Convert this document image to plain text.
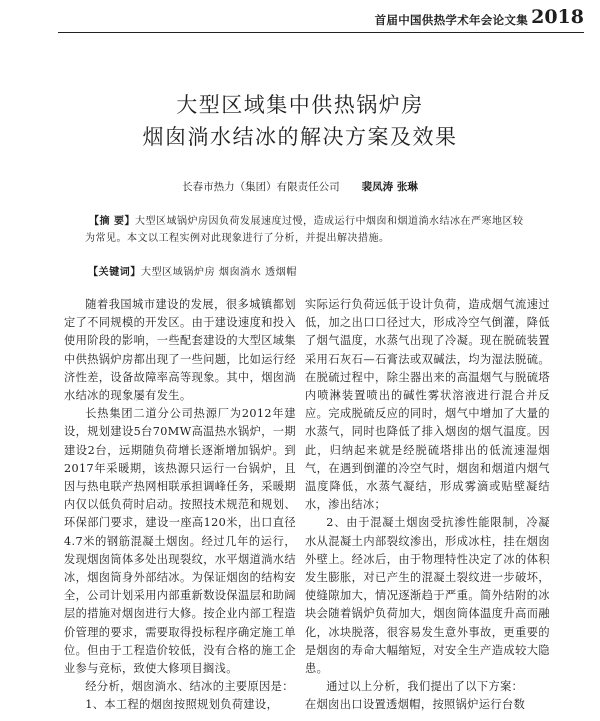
首届中国供热学术年会论文集 2018
大型区域集中供热锅炉房
烟囱淌水结冰的解决方案及效果
长春市热力（集团）有限责任公司 裴凤涛 张琳

【摘 要】大型区域锅炉房因负荷发展速度过慢，造成运行中烟囱和烟道淌水结冰在严寒地区较为常见。本文以工程实例对此现象进行了分析，并提出解决措施。

【关键词】大型区域锅炉房 烟囱淌水 透烟帽

随着我国城市建设的发展，很多城镇都划定了不同规模的开发区。由于建设速度和投入使用阶段的影响，一些配套建设的大型区域集中供热锅炉房都出现了一些问题，比如运行经济性差，设备故障率高等现象。其中，烟囱淌水结冰的现象屡有发生。

长热集团二道分公司热源厂为2012年建设，规划建设5台70MW高温热水锅炉，一期建设2台，远期随负荷增长逐渐增加锅炉。到2017年采暖期，该热源只运行一台锅炉，且因与热电联产热网相联承担调峰任务，采暖期内仅以低负荷时启动。按照技术规范和规划、环保部门要求，建设一座高120米，出口直径4.7米的钢筋混凝土烟囱。经过几年的运行，发现烟囱筒体多处出现裂纹，水平烟道淌水结冰，烟囱筒身外部结冰。为保证烟囱的结构安全，公司计划采用内部重新数设保温层和助阔层的措施对烟囱进行大修。按企业内部工程造价管理的要求，需要取得投标程序确定施工单位。但由于工程造价较低，没有合格的施工企业参与竞标，致使大修项目搁浅。

经分析，烟囱淌水、结冰的主要原因是：

1、本工程的烟囱按照规划负荷建设，

实际运行负荷远低于设计负荷，造成烟气流速过低，加之出口口径过大，形成冷空气倒灌，降低了烟气温度，水蒸气出现了冷凝。现在脱硫装置采用石灰石—石膏法或双碱法，均为湿法脱硫。在脱硫过程中，除尘器出来的高温烟气与脱硫塔内喷淋装置喷出的碱性雾状溶液进行混合并反应。完成脱硫反应的同时，烟气中增加了大量的水蒸气，同时也降低了排入烟囱的烟气温度。因此，归纳起来就是经脱硫塔排出的低流速湿烟气，在遇到倒灌的冷空气时，烟囱和烟道内烟气温度降低，水蒸气凝结，形成雾滴或贴壁凝结水，渗出结冰；

2、由于混凝土烟囱受抗渗性能限制，冷凝水从混凝土内部裂纹渗出，形成冰柱，挂在烟囱外壁上。经冰后，由于物理特性决定了冰的体积发生膨胀，对已产生的混凝土裂纹进一步破坏，使缝隙加大，情况逐渐趋于严重。简外结附的冰块会随着锅炉负荷加大，烟囱筒体温度升高而融化，冰块脱落，很容易发生意外事故，更重要的是烟囱的寿命大幅缩短，对安全生产造成较大隐患。

通过以上分析，我们提出了以下方案：

在烟囱出口设置透烟帽，按照锅炉运行台数
